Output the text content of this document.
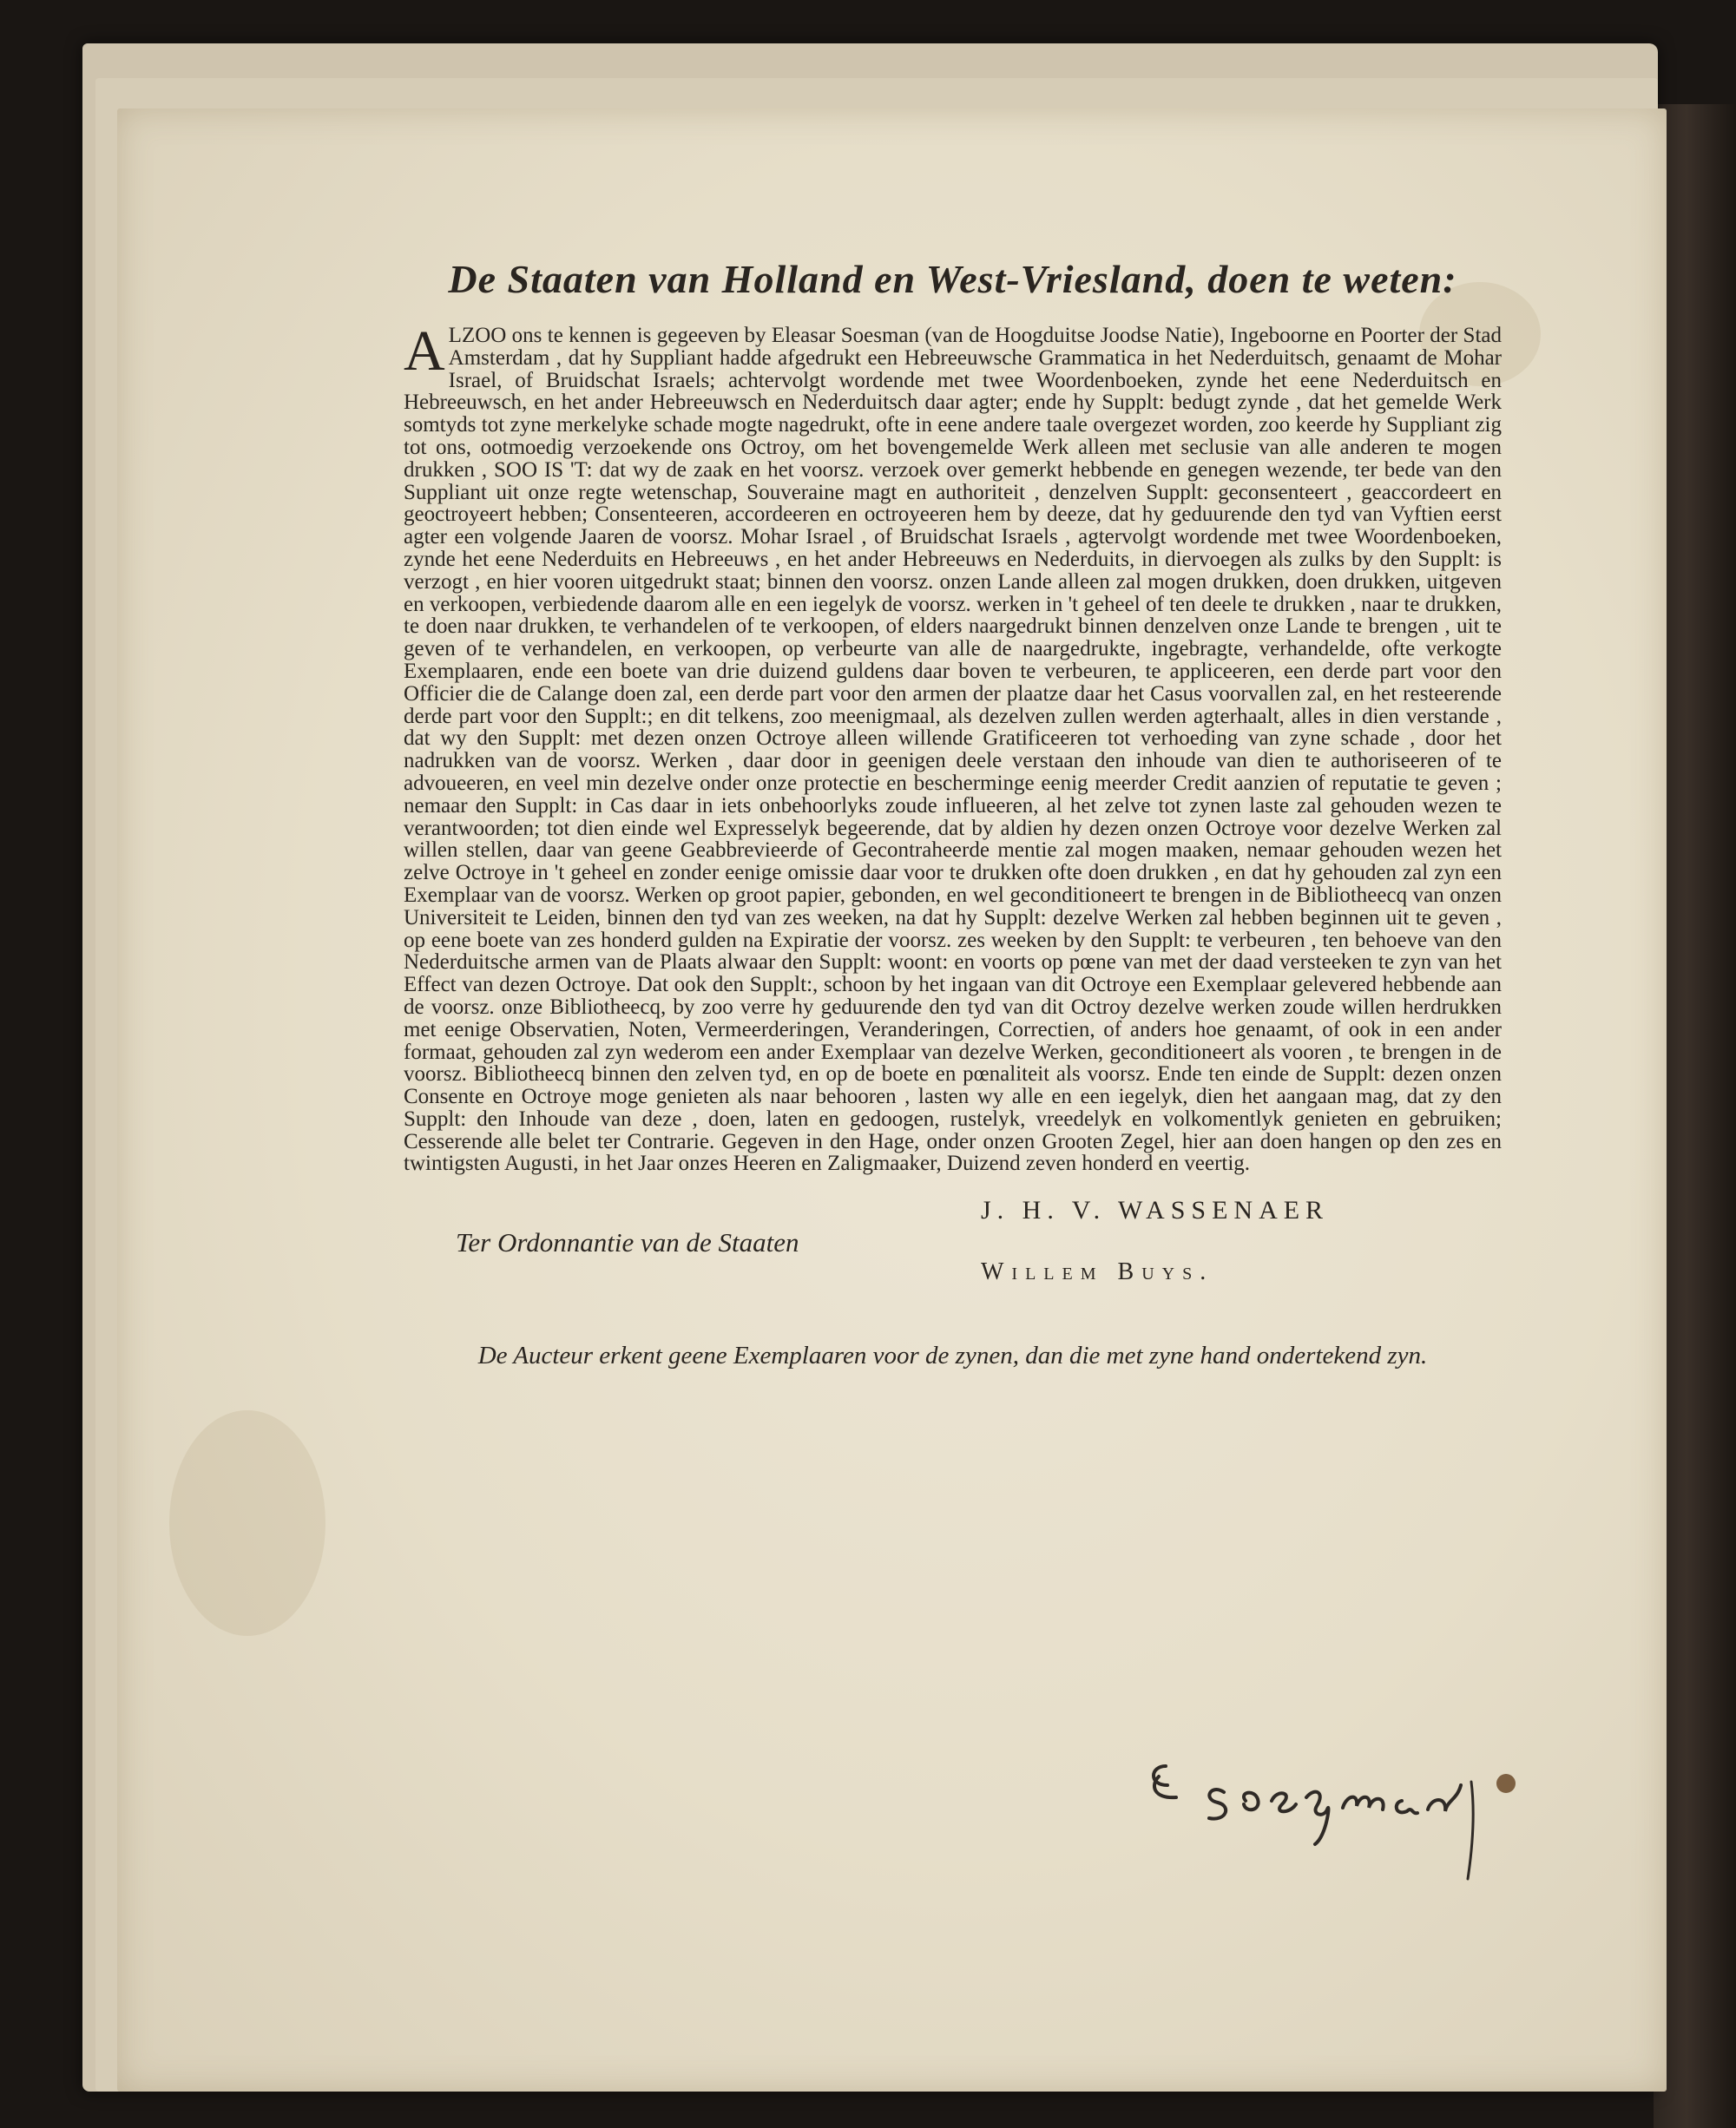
De Staaten van Holland en West-Vriesland, doen te weten:

ALZOO ons te kennen is gegeeven by Eleasar Soesman (van de Hoogduitse Joodse Natie), Ingeboorne en Poorter der Stad Amsterdam , dat hy Suppliant hadde afgedrukt een Hebreeuwsche Grammatica in het Nederduitsch, genaamt de Mohar Israel, of Bruidschat Israels; achtervolgt wordende met twee Woordenboeken, zynde het eene Nederduitsch en Hebreeuwsch, en het ander Hebreeuwsch en Nederduitsch daar agter; ende hy Supplt: bedugt zynde , dat het gemelde Werk somtyds tot zyne merkelyke schade mogte nagedrukt, ofte in eene andere taale overgezet worden, zoo keerde hy Suppliant zig tot ons, ootmoedig verzoekende ons Octroy, om het bovengemelde Werk alleen met seclusie van alle anderen te mogen drukken , SOO IS 'T: dat wy de zaak en het voorsz. verzoek over gemerkt hebbende en genegen wezende, ter bede van den Suppliant uit onze regte wetenschap, Souveraine magt en authoriteit , denzelven Supplt: geconsenteert , geaccordeert en geoctroyeert hebben; Consenteeren, accordeeren en octroyeeren hem by deeze, dat hy geduurende den tyd van Vyftien eerst agter een volgende Jaaren de voorsz. Mohar Israel , of Bruidschat Israels , agtervolgt wordende met twee Woordenboeken, zynde het eene Nederduits en Hebreeuws , en het ander Hebreeuws en Nederduits, in diervoegen als zulks by den Supplt: is verzogt , en hier vooren uitgedrukt staat; binnen den voorsz. onzen Lande alleen zal mogen drukken, doen drukken, uitgeven en verkoopen, verbiedende daarom alle en een iegelyk de voorsz. werken in 't geheel of ten deele te drukken , naar te drukken, te doen naar drukken, te verhandelen of te verkoopen, of elders naargedrukt binnen denzelven onze Lande te brengen , uit te geven of te verhandelen, en verkoopen, op verbeurte van alle de naargedrukte, ingebragte, verhandelde, ofte verkogte Exemplaaren, ende een boete van drie duizend guldens daar boven te verbeuren, te appliceeren, een derde part voor den Officier die de Calange doen zal, een derde part voor den armen der plaatze daar het Casus voorvallen zal, en het resteerende derde part voor den Supplt:; en dit telkens, zoo meenigmaal, als dezelven zullen werden agterhaalt, alles in dien verstande , dat wy den Supplt: met dezen onzen Octroye alleen willende Gratificeeren tot verhoeding van zyne schade , door het nadrukken van de voorsz. Werken , daar door in geenigen deele verstaan den inhoude van dien te authoriseeren of te advoueeren, en veel min dezelve onder onze protectie en bescherminge eenig meerder Credit aanzien of reputatie te geven ; nemaar den Supplt: in Cas daar in iets onbehoorlyks zoude influeeren, al het zelve tot zynen laste zal gehouden wezen te verantwoorden; tot dien einde wel Expresselyk begeerende, dat by aldien hy dezen onzen Octroye voor dezelve Werken zal willen stellen, daar van geene Geabbrevieerde of Gecontraheerde mentie zal mogen maaken, nemaar gehouden wezen het zelve Octroye in 't geheel en zonder eenige omissie daar voor te drukken ofte doen drukken , en dat hy gehouden zal zyn een Exemplaar van de voorsz. Werken op groot papier, gebonden, en wel geconditioneert te brengen in de Bibliotheecq van onzen Universiteit te Leiden, binnen den tyd van zes weeken, na dat hy Supplt: dezelve Werken zal hebben beginnen uit te geven , op eene boete van zes honderd gulden na Expiratie der voorsz. zes weeken by den Supplt: te verbeuren , ten behoeve van den Nederduitsche armen van de Plaats alwaar den Supplt: woont: en voorts op pœne van met der daad versteeken te zyn van het Effect van dezen Octroye. Dat ook den Supplt:, schoon by het ingaan van dit Octroye een Exemplaar gelevered hebbende aan de voorsz. onze Bibliotheecq, by zoo verre hy geduurende den tyd van dit Octroy dezelve werken zoude willen herdrukken met eenige Observatien, Noten, Vermeerderingen, Veranderingen, Correctien, of anders hoe genaamt, of ook in een ander formaat, gehouden zal zyn wederom een ander Exemplaar van dezelve Werken, geconditioneert als vooren , te brengen in de voorsz. Bibliotheecq binnen den zelven tyd, en op de boete en pœnaliteit als voorsz. Ende ten einde de Supplt: dezen onzen Consente en Octroye moge genieten als naar behooren , lasten wy alle en een iegelyk, dien het aangaan mag, dat zy den Supplt: den Inhoude van deze , doen, laten en gedoogen, rustelyk, vreedelyk en volkomentlyk genieten en gebruiken; Cesserende alle belet ter Contrarie. Gegeven in den Hage, onder onzen Grooten Zegel, hier aan doen hangen op den zes en twintigsten Augusti, in het Jaar onzes Heeren en Zaligmaaker, Duizend zeven honderd en veertig.

Ter Ordonnantie van de Staaten
J. H. V. WASSENAER
Willem Buys.

De Aucteur erkent geene Exemplaaren voor de zynen, dan die met zyne hand ondertekend zyn.
